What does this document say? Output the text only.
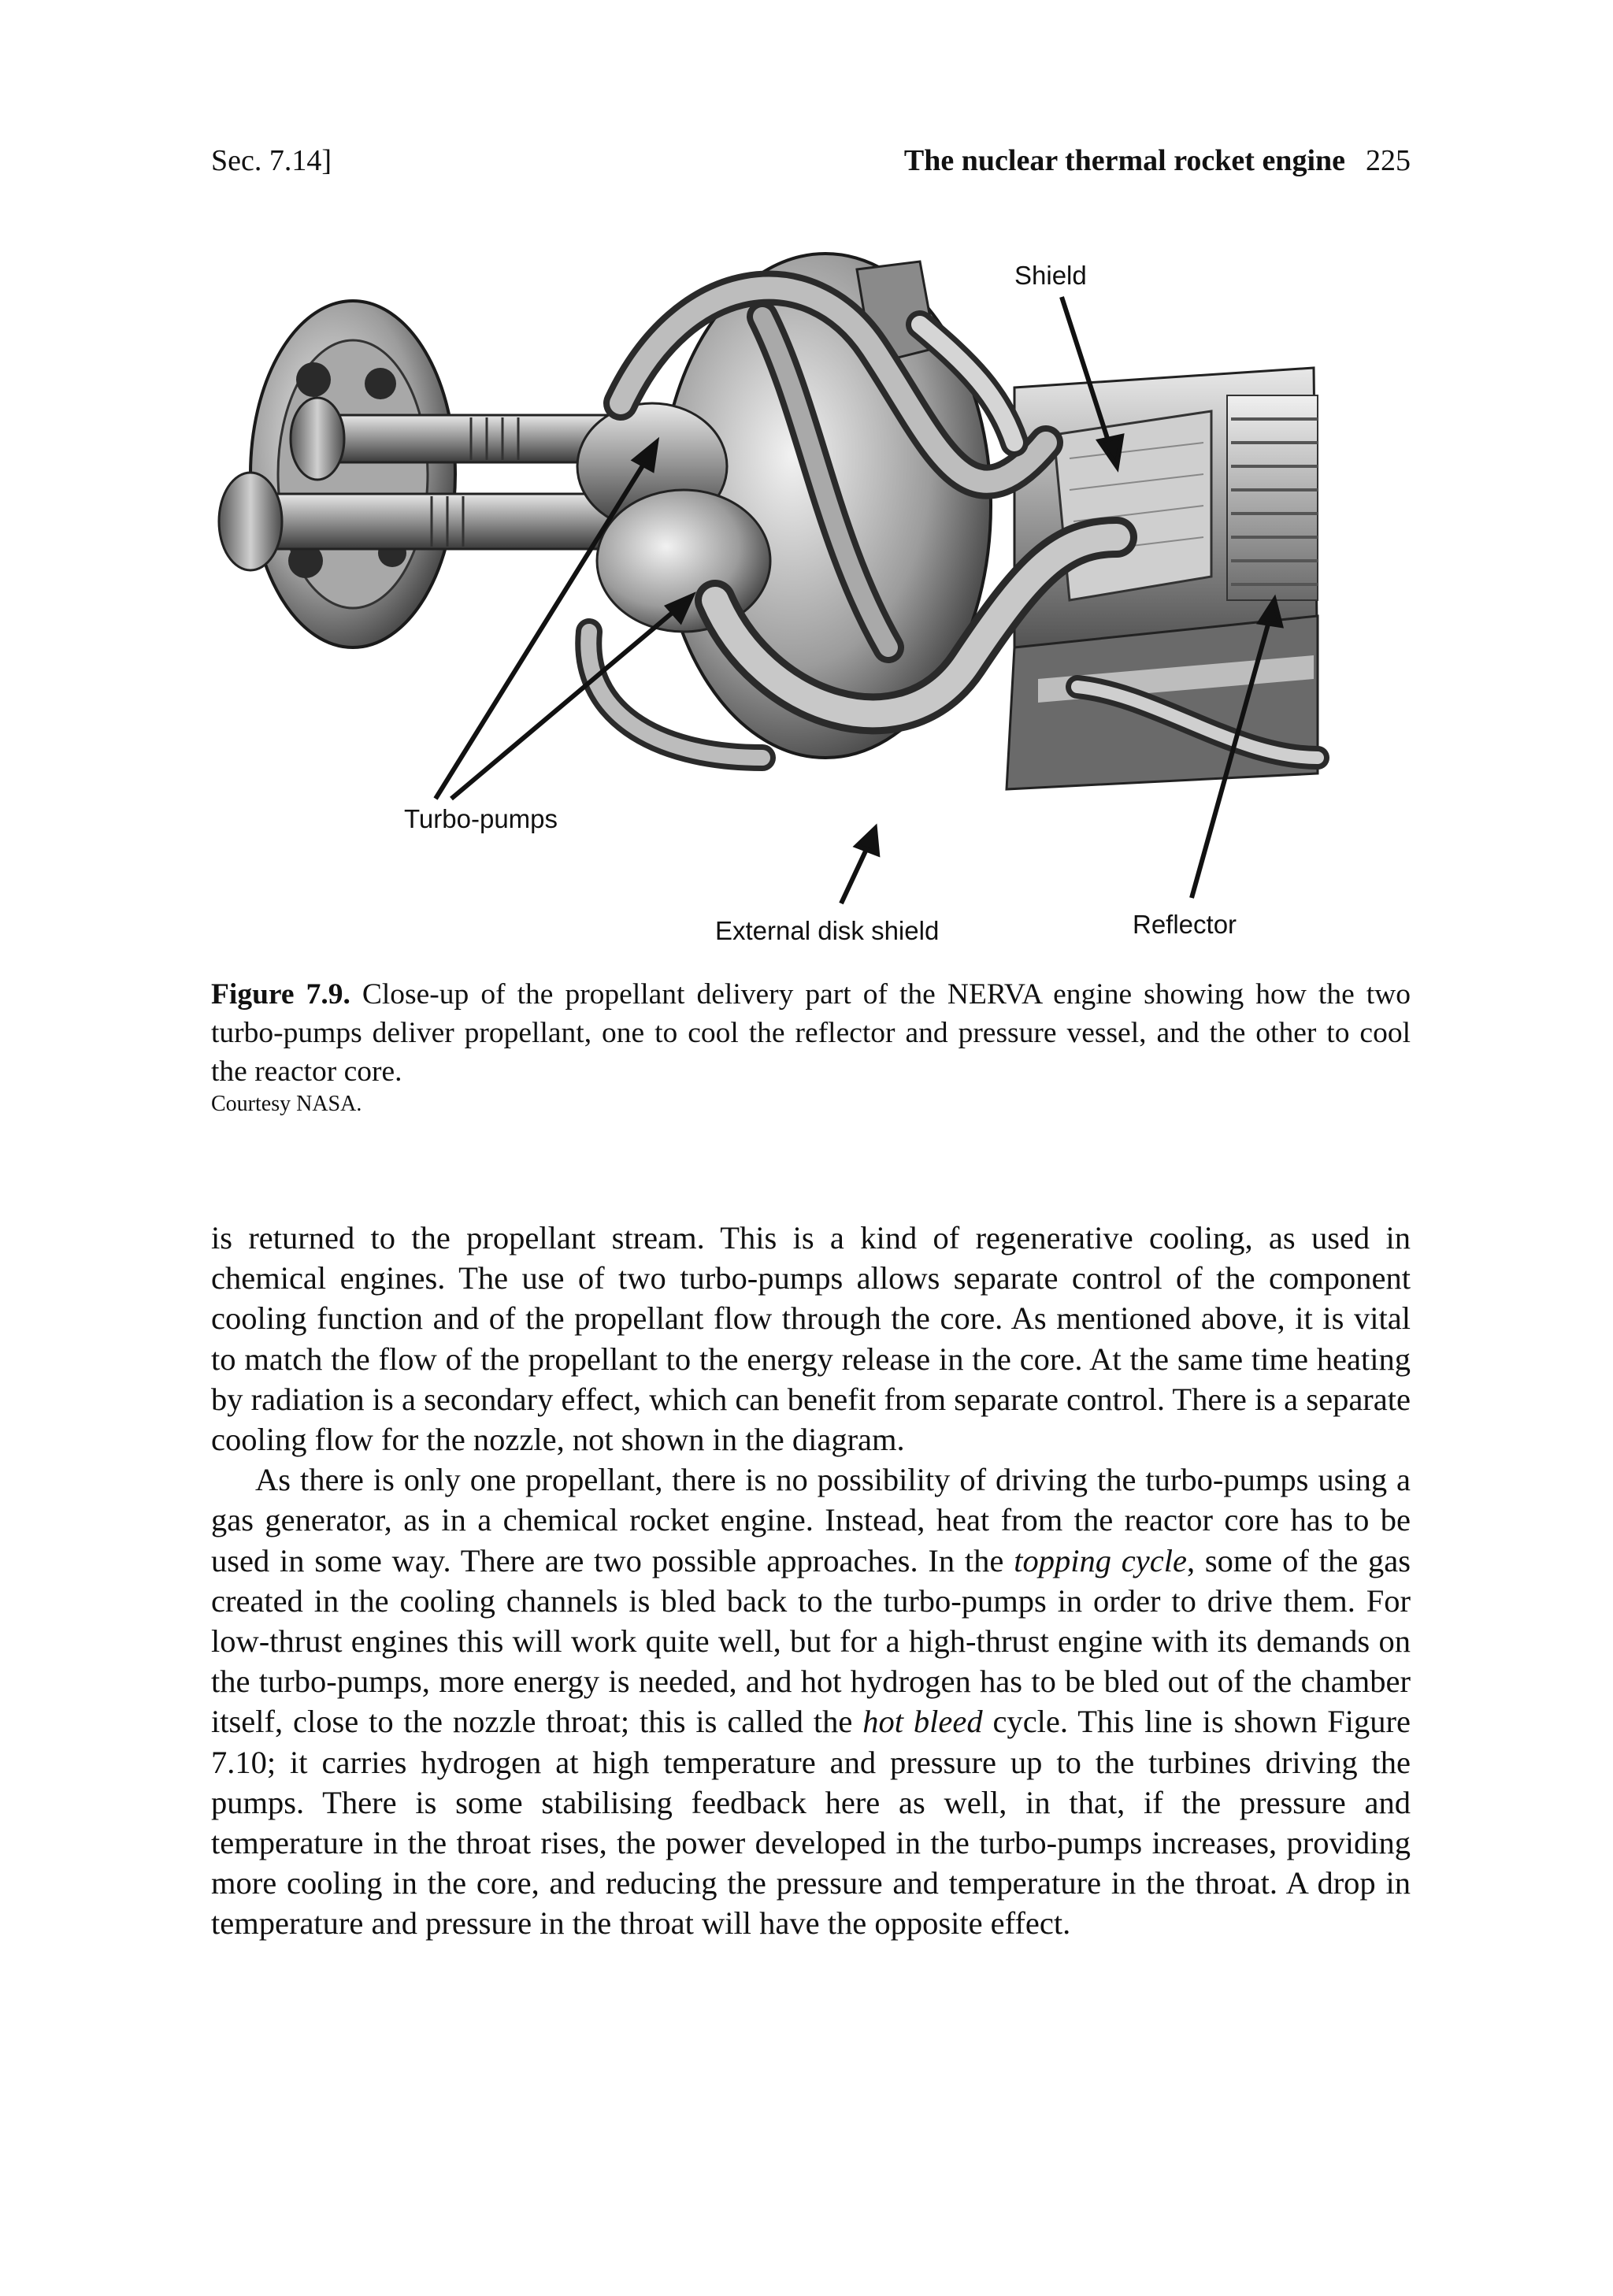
Sec. 7.14]	The nuclear thermal rocket engine 225
Shield
Turbo-pumps
External disk shield	Reflector
Figure 7.9. Close-up of the propellant delivery part of the NERVA engine showing how the two turbo-pumps deliver propellant, one to cool the reflector and pressure vessel, and the other to cool the reactor core.
Courtesy NASA.

is returned to the propellant stream. This is a kind of regenerative cooling, as used in chemical engines. The use of two turbo-pumps allows separate control of the component cooling function and of the propellant flow through the core. As mentioned above, it is vital to match the flow of the propellant to the energy release in the core. At the same time heating by radiation is a secondary effect, which can benefit from separate control. There is a separate cooling flow for the nozzle, not shown in the diagram.

As there is only one propellant, there is no possibility of driving the turbo-pumps using a gas generator, as in a chemical rocket engine. Instead, heat from the reactor core has to be used in some way. There are two possible approaches. In the topping cycle, some of the gas created in the cooling channels is bled back to the turbo-pumps in order to drive them. For low-thrust engines this will work quite well, but for a high-thrust engine with its demands on the turbo-pumps, more energy is needed, and hot hydrogen has to be bled out of the chamber itself, close to the nozzle throat; this is called the hot bleed cycle. This line is shown Figure 7.10; it carries hydrogen at high temperature and pressure up to the turbines driving the pumps. There is some stabilising feedback here as well, in that, if the pressure and temperature in the throat rises, the power developed in the turbo-pumps increases, providing more cooling in the core, and reducing the pressure and temperature in the throat. A drop in temperature and pressure in the throat will have the opposite effect.
